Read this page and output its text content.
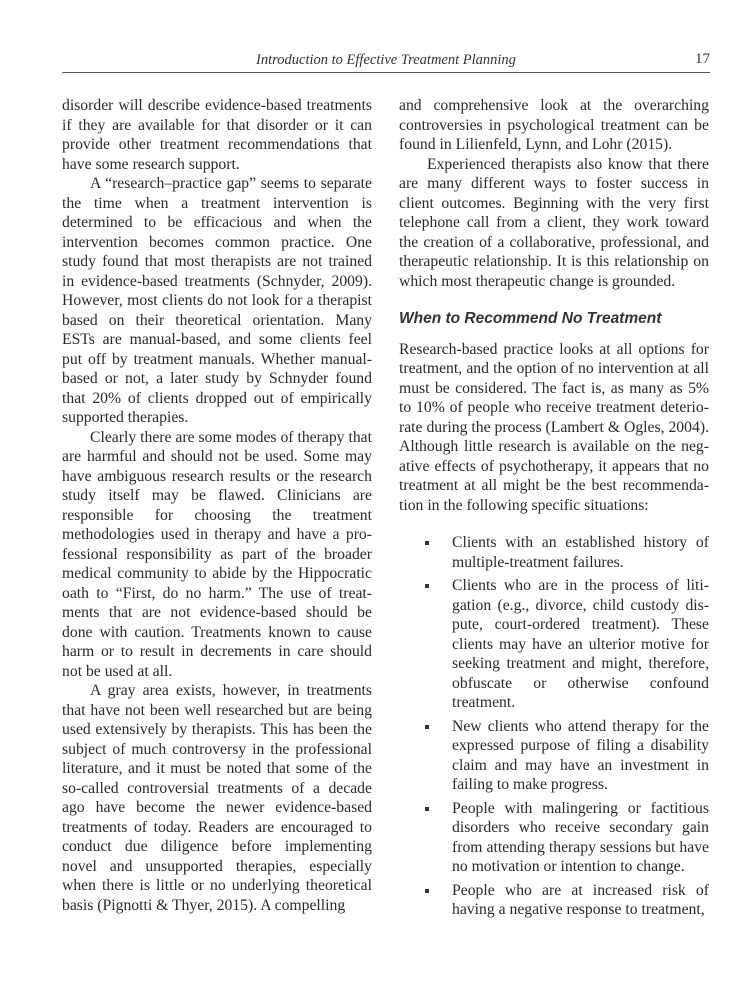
Introduction to Effective Treatment Planning	17

disorder will describe evidence-based treatments if they are available for that disorder or it can provide other treatment recommendations that have some research support.

A “research–practice gap” seems to separate the time when a treatment intervention is determined to be efficacious and when the intervention becomes common practice. One study found that most therapists are not trained in evidence-based treatments (Schnyder, 2009). However, most clients do not look for a therapist based on their theoretical orientation. Many ESTs are manual-based, and some clients feel put off by treatment manuals. Whether manual-based or not, a later study by Schnyder found that 20% of clients dropped out of empirically supported therapies.

Clearly there are some modes of therapy that are harmful and should not be used. Some may have ambiguous research results or the research study itself may be flawed. Clinicians are responsible for choosing the treatment methodologies used in therapy and have a professional responsibility as part of the broader medical community to abide by the Hippocratic oath to “First, do no harm.” The use of treatments that are not evidence-based should be done with caution. Treatments known to cause harm or to result in decrements in care should not be used at all.

A gray area exists, however, in treatments that have not been well researched but are being used extensively by therapists. This has been the subject of much controversy in the professional literature, and it must be noted that some of the so-called controversial treatments of a decade ago have become the newer evidence-based treatments of today. Readers are encouraged to conduct due diligence before implementing novel and unsupported therapies, especially when there is little or no underlying theoretical basis (Pignotti & Thyer, 2015). A compelling

and comprehensive look at the overarching controversies in psychological treatment can be found in Lilienfeld, Lynn, and Lohr (2015).

Experienced therapists also know that there are many different ways to foster success in client outcomes. Beginning with the very first telephone call from a client, they work toward the creation of a collaborative, professional, and therapeutic relationship. It is this relationship on which most therapeutic change is grounded.

When to Recommend No Treatment

Research-based practice looks at all options for treatment, and the option of no intervention at all must be considered. The fact is, as many as 5% to 10% of people who receive treatment deteriorate during the process (Lambert & Ogles, 2004). Although little research is available on the negative effects of psychotherapy, it appears that no treatment at all might be the best recommendation in the following specific situations:

Clients with an established history of multiple-treatment failures.
Clients who are in the process of litigation (e.g., divorce, child custody dispute, court-ordered treatment). These clients may have an ulterior motive for seeking treatment and might, therefore, obfuscate or otherwise confound treatment.
New clients who attend therapy for the expressed purpose of filing a disability claim and may have an investment in failing to make progress.
People with malingering or factitious disorders who receive secondary gain from attending therapy sessions but have no motivation or intention to change.
People who are at increased risk of having a negative response to treatment,
